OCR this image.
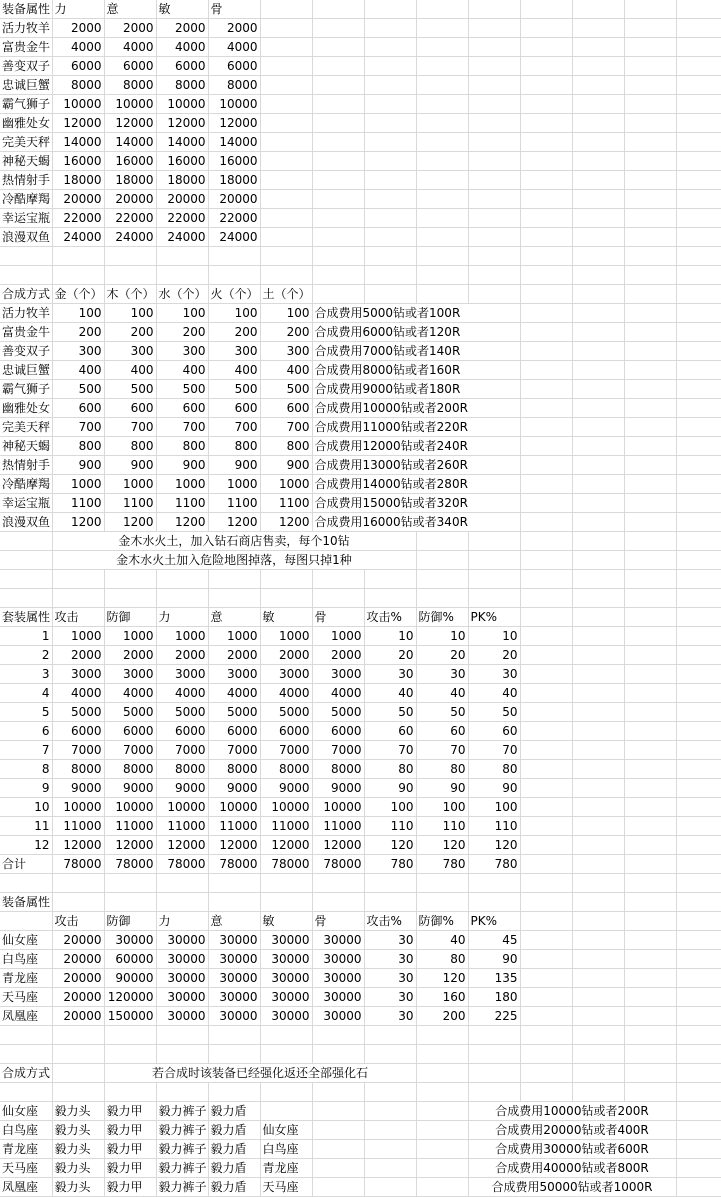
装备属性	力	意	敏	骨									
活力牧羊	2000	2000	2000	2000									
富贵金牛	4000	4000	4000	4000									
善变双子	6000	6000	6000	6000									
忠诚巨蟹	8000	8000	8000	8000									
霸气狮子	10000	10000	10000	10000									
幽雅处女	12000	12000	12000	12000									
完美天秤	14000	14000	14000	14000									
神秘天蝎	16000	16000	16000	16000									
热情射手	18000	18000	18000	18000									
冷酷摩羯	20000	20000	20000	20000									
幸运宝瓶	22000	22000	22000	22000									
浪漫双鱼	24000	24000	24000	24000									

合成方式	金（个）	木（个）	水（个）	火（个）	土（个）								
活力牧羊	100	100	100	100	100	合成费用5000钻或者100R							
富贵金牛	200	200	200	200	200	合成费用6000钻或者120R							
善变双子	300	300	300	300	300	合成费用7000钻或者140R							
忠诚巨蟹	400	400	400	400	400	合成费用8000钻或者160R							
霸气狮子	500	500	500	500	500	合成费用9000钻或者180R							
幽雅处女	600	600	600	600	600	合成费用10000钻或者200R							
完美天秤	700	700	700	700	700	合成费用11000钻或者220R							
神秘天蝎	800	800	800	800	800	合成费用12000钻或者240R							
热情射手	900	900	900	900	900	合成费用13000钻或者260R							
冷酷摩羯	1000	1000	1000	1000	1000	合成费用14000钻或者280R							
幸运宝瓶	1100	1100	1100	1100	1100	合成费用15000钻或者320R							
浪漫双鱼	1200	1200	1200	1200	1200	合成费用16000钻或者340R							
	金木水火土，加入钻石商店售卖，每个10钻												
	金木水火土加入危险地图掉落，每图只掉1种												

套装属性	攻击	防御	力	意	敏	骨	攻击%	防御%	PK%				
1	1000	1000	1000	1000	1000	1000	10	10	10				
2	2000	2000	2000	2000	2000	2000	20	20	20				
3	3000	3000	3000	3000	3000	3000	30	30	30				
4	4000	4000	4000	4000	4000	4000	40	40	40				
5	5000	5000	5000	5000	5000	5000	50	50	50				
6	6000	6000	6000	6000	6000	6000	60	60	60				
7	7000	7000	7000	7000	7000	7000	70	70	70				
8	8000	8000	8000	8000	8000	8000	80	80	80				
9	9000	9000	9000	9000	9000	9000	90	90	90				
10	10000	10000	10000	10000	10000	10000	100	100	100				
11	11000	11000	11000	11000	11000	11000	110	110	110				
12	12000	12000	12000	12000	12000	12000	120	120	120				
合计	78000	78000	78000	78000	78000	78000	780	780	780				

装备属性													
	攻击	防御	力	意	敏	骨	攻击%	防御%	PK%				
仙女座	20000	30000	30000	30000	30000	30000	30	40	45				
白鸟座	20000	60000	30000	30000	30000	30000	30	80	90				
青龙座	20000	90000	30000	30000	30000	30000	30	120	135				
天马座	20000	120000	30000	30000	30000	30000	30	160	180				
凤凰座	20000	150000	30000	30000	30000	30000	30	200	225				

合成方式		若合成时该装备已经强化返还全部强化石											

仙女座	毅力头	毅力甲	毅力裤子	毅力盾					合成费用10000钻或者200R				
白鸟座	毅力头	毅力甲	毅力裤子	毅力盾	仙女座				合成费用20000钻或者400R				
青龙座	毅力头	毅力甲	毅力裤子	毅力盾	白鸟座				合成费用30000钻或者600R				
天马座	毅力头	毅力甲	毅力裤子	毅力盾	青龙座				合成费用40000钻或者800R				
凤凰座	毅力头	毅力甲	毅力裤子	毅力盾	天马座				合成费用50000钻或者1000R				
